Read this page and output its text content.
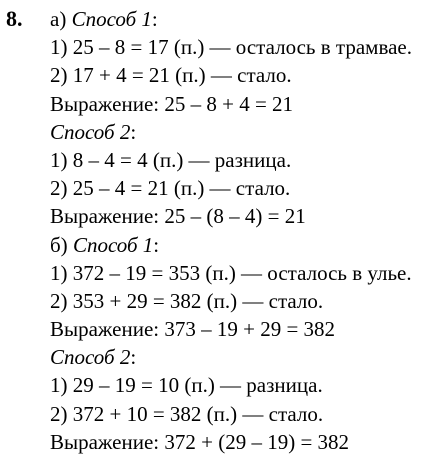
8. а) Способ 1:
1) 25 – 8 = 17 (п.) — осталось в трамвае.
2) 17 + 4 = 21 (п.) — стало.
Выражение: 25 – 8 + 4 = 21
Способ 2:
1) 8 – 4 = 4 (п.) — разница.
2) 25 – 4 = 21 (п.) — стало.
Выражение: 25 – (8 – 4) = 21
б) Способ 1:
1) 372 – 19 = 353 (п.) — осталось в улье.
2) 353 + 29 = 382 (п.) — стало.
Выражение: 373 – 19 + 29 = 382
Способ 2:
1) 29 – 19 = 10 (п.) — разница.
2) 372 + 10 = 382 (п.) — стало.
Выражение: 372 + (29 – 19) = 382
